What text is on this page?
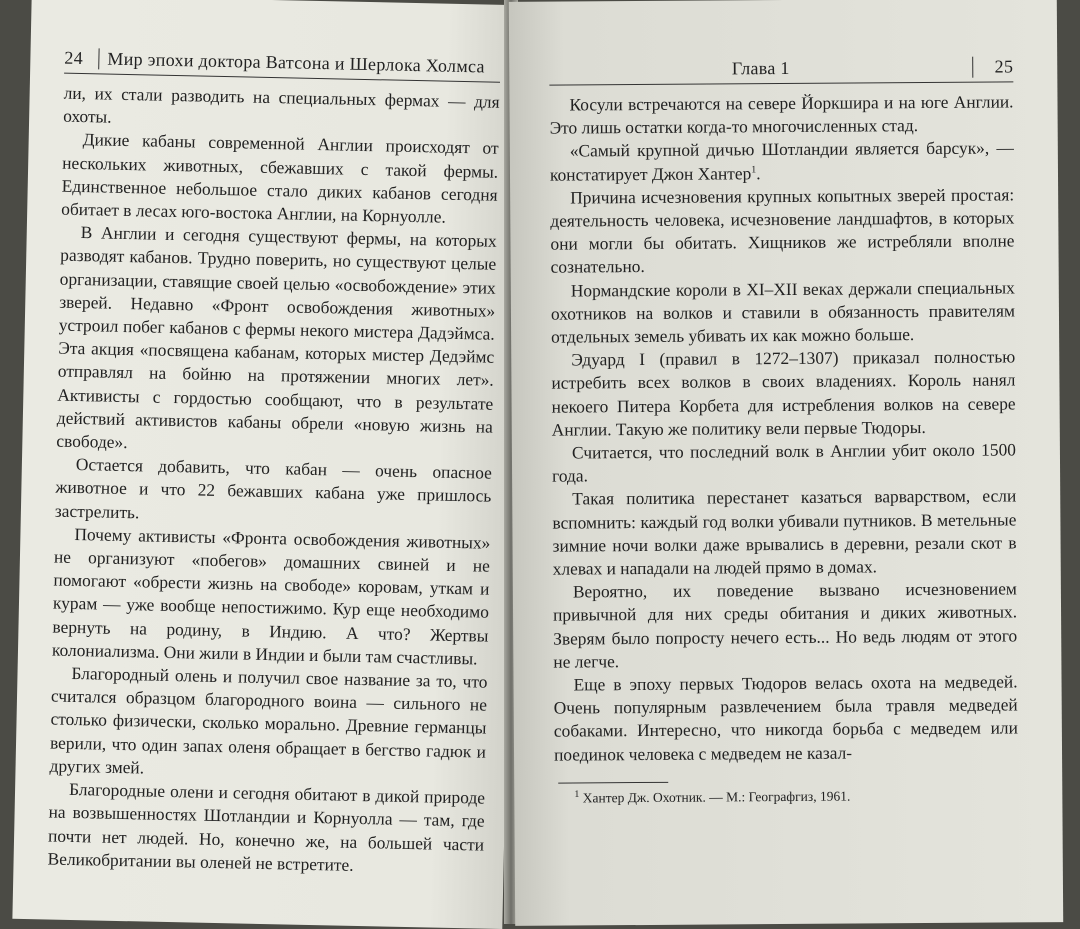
24	Мир эпохи доктора Ватсона и Шерлока Холмса

ли, их стали разводить на специальных фермах — для охоты.

Дикие кабаны современной Англии происходят от нескольких животных, сбежавших с такой фермы. Единственное небольшое стало диких кабанов сегодня обитает в лесах юго-востока Англии, на Корнуолле.

В Англии и сегодня существуют фермы, на которых разводят кабанов. Трудно поверить, но существуют целые организации, ставящие своей целью «освобождение» этих зверей. Недавно «Фронт освобождения животных» устроил побег кабанов с фермы некого мистера Дадэймса. Эта акция «посвящена кабанам, которых мистер Дедэймс отправлял на бойню на протяжении многих лет». Активисты с гордостью сообщают, что в результате действий активистов кабаны обрели «новую жизнь на свободе».

Остается добавить, что кабан — очень опасное животное и что 22 бежавших кабана уже пришлось застрелить.

Почему активисты «Фронта освобождения животных» не организуют «побегов» домашних свиней и не помогают «обрести жизнь на свободе» коровам, уткам и курам — уже вообще непостижимо. Кур еще необходимо вернуть на родину, в Индию. А что? Жертвы колониализма. Они жили в Индии и были там счастливы.

Благородный олень и получил свое название за то, что считался образцом благородного воина — сильного не столько физически, сколько морально. Древние германцы верили, что один запах оленя обращает в бегство гадюк и других змей.

Благородные олени и сегодня обитают в дикой природе на возвышенностях Шотландии и Корнуолла — там, где почти нет людей. Но, конечно же, на большей части Великобритании вы оленей не встретите.

Глава 1	25

Косули встречаются на севере Йоркшира и на юге Англии. Это лишь остатки когда-то многочисленных стад.

«Самый крупной дичью Шотландии является барсук», — констатирует Джон Хантер$^1$.

Причина исчезновения крупных копытных зверей простая: деятельность человека, исчезновение ландшафтов, в которых они могли бы обитать. Хищников же истребляли вполне сознательно.

Нормандские короли в XI–XII веках держали специальных охотников на волков и ставили в обязанность правителям отдельных земель убивать их как можно больше.

Эдуард I (правил в 1272–1307) приказал полностью истребить всех волков в своих владениях. Король нанял некоего Питера Корбета для истребления волков на севере Англии. Такую же политику вели первые Тюдоры.

Считается, что последний волк в Англии убит около 1500 года.

Такая политика перестанет казаться варварством, если вспомнить: каждый год волки убивали путников. В метельные зимние ночи волки даже врывались в деревни, резали скот в хлевах и нападали на людей прямо в домах.

Вероятно, их поведение вызвано исчезновением привычной для них среды обитания и диких животных. Зверям было попросту нечего есть... Но ведь людям от этого не легче.

Еще в эпоху первых Тюдоров велась охота на медведей. Очень популярным развлечением была травля медведей собаками. Интересно, что никогда борьба с медведем или поединок человека с медведем не казал-

$^1$ Хантер Дж. Охотник. — М.: Географгиз, 1961.
